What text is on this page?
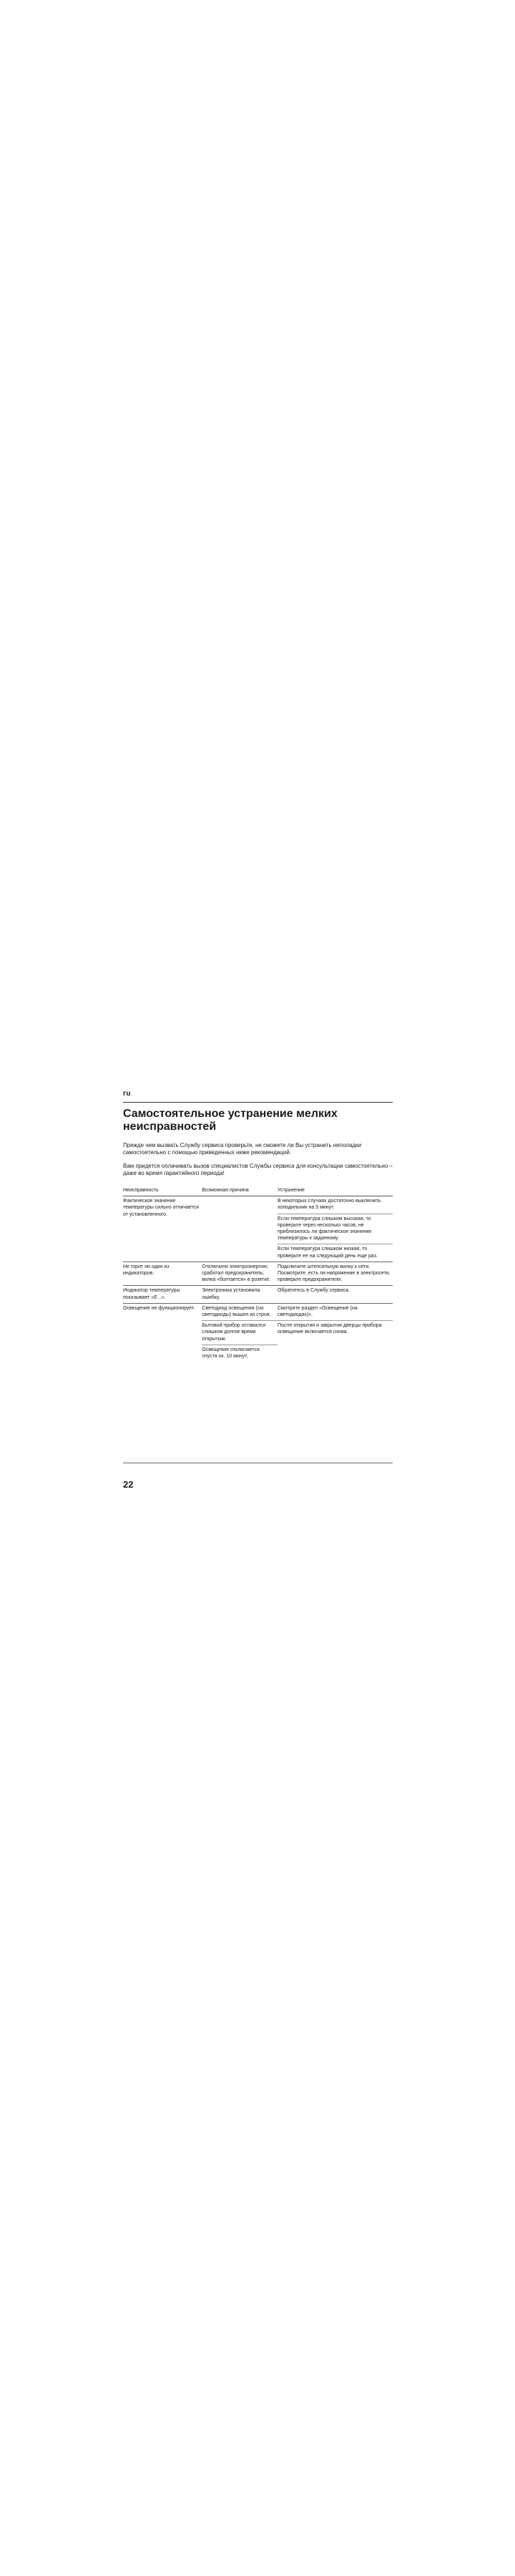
ru
Самостоятельное устранение мелких неисправностей

Прежде чем вызвать Службу сервиса проверьте, не сможете ли Вы устранить неполадки самостоятельно с помощью приведенных ниже рекомендаций.

Вам придется оплачивать вызов специалистов Службы сервиса для консультации самостоятельно – даже во время гарантийного периода!

Неисправность	Возможная причина	Устранение
Фактическое значение температуры сильно отличается от установленного.		В некоторых случаях достаточно выключить холодильник на 5 минут.
		Если температура слишком высокая, то проверьте через несколько часов, не приблизилось ли фактическое значение температуры к заданному.
		Если температура слишком низкая, то проверьте ее на следующий день еще раз.
Не горит ни один из индикаторов.	Отключили электроэнергию; сработал предохранитель; вилка «болтается» в розетке.	Подключите штепсельную вилку к сети. Посмотрите, есть ли напряжение в электросети, проверьте предохранители.
Индикатор температуры показывает «E ..».	Электроника установила ошибку.	Обратитесь в Службу сервиса.
Освещение не функционирует.	Светодиод освещения (см. светодиоды) вышел из строя.	Смотрите раздел «Освещение (на светодиодах)».
	Бытовой прибор оставался слишком долгое время открытым.	После открытия и закрытия дверцы прибора освещение включается снова.
	Освещение отключается спустя ок. 10 минут.	
22
